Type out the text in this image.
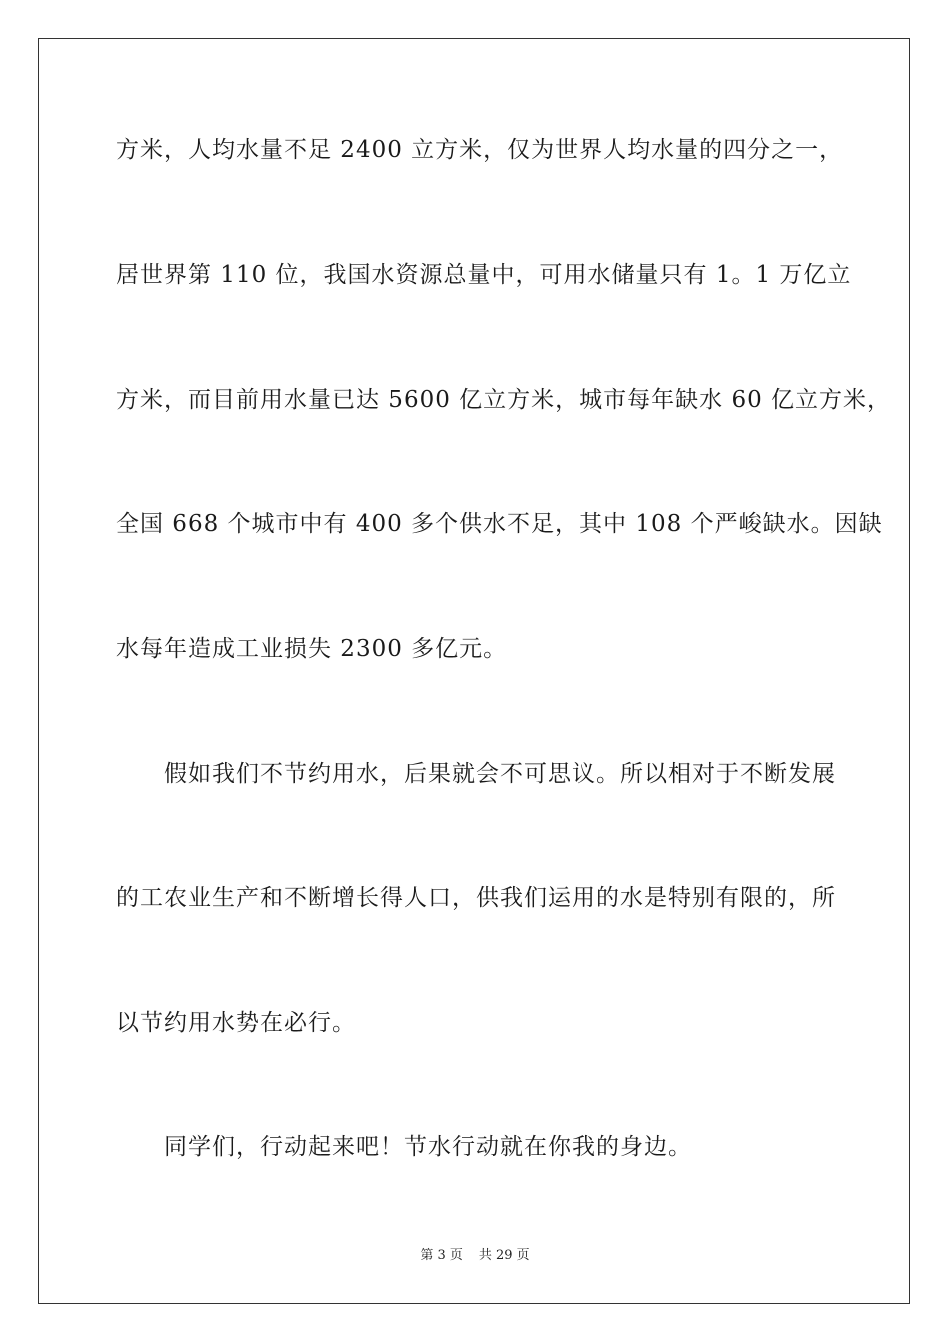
方米，人均水量不足 2400 立方米，仅为世界人均水量的四分之一，
居世界第 110 位，我国水资源总量中，可用水储量只有 1。1 万亿立
方米，而目前用水量已达 5600 亿立方米，城市每年缺水 60 亿立方米，
全国 668 个城市中有 400 多个供水不足，其中 108 个严峻缺水。因缺
水每年造成工业损失 2300 多亿元。
假如我们不节约用水，后果就会不可思议。所以相对于不断发展
的工农业生产和不断增长得人口，供我们运用的水是特别有限的，所
以节约用水势在必行。
同学们，行动起来吧！节水行动就在你我的身边。
第 3 页 共 29 页
